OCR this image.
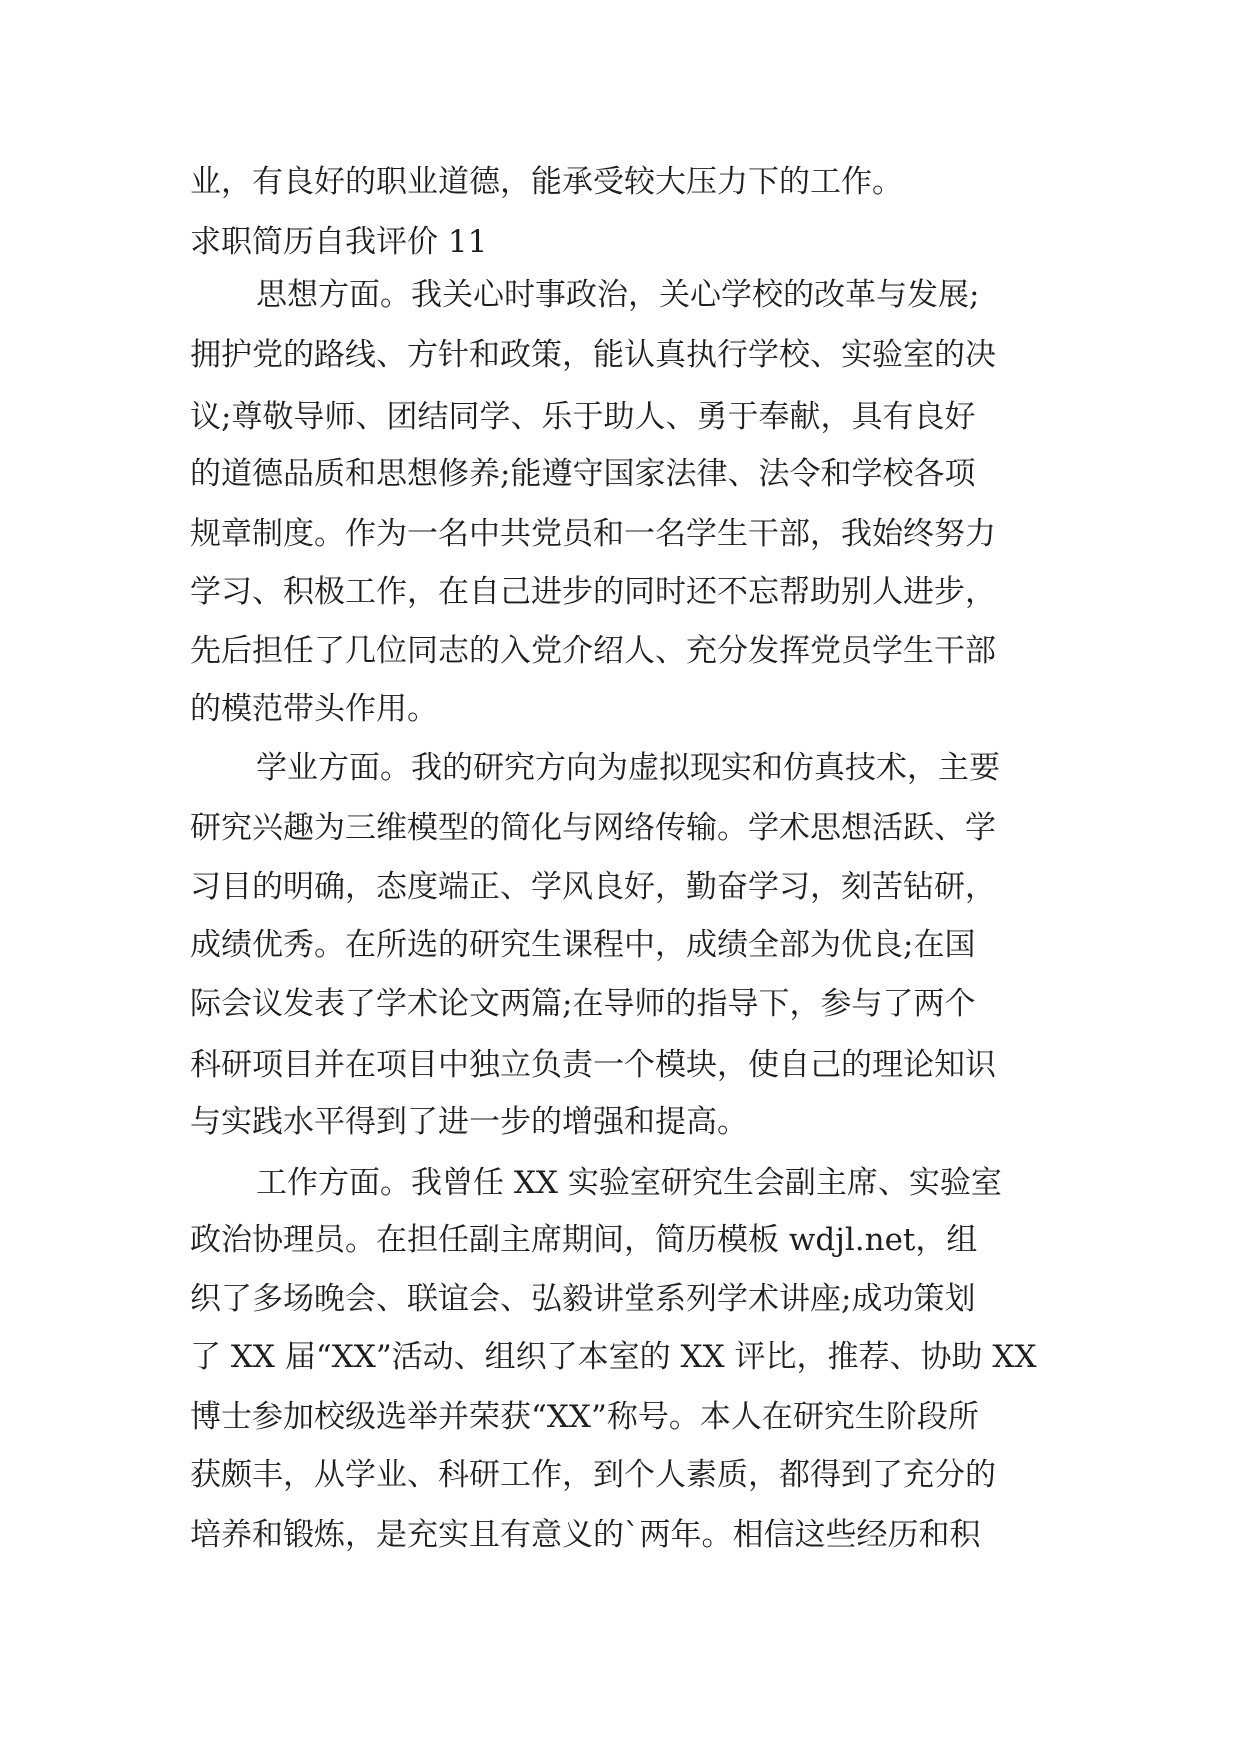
业，有良好的职业道德，能承受较大压力下的工作。
求职简历自我评价 11
思想方面。我关心时事政治，关心学校的改革与发展;
拥护党的路线、方针和政策，能认真执行学校、实验室的决
议;尊敬导师、团结同学、乐于助人、勇于奉献，具有良好
的道德品质和思想修养;能遵守国家法律、法令和学校各项
规章制度。作为一名中共党员和一名学生干部，我始终努力
学习、积极工作，在自己进步的同时还不忘帮助别人进步，
先后担任了几位同志的入党介绍人、充分发挥党员学生干部
的模范带头作用。
学业方面。我的研究方向为虚拟现实和仿真技术，主要
研究兴趣为三维模型的简化与网络传输。学术思想活跃、学
习目的明确，态度端正、学风良好，勤奋学习，刻苦钻研，
成绩优秀。在所选的研究生课程中，成绩全部为优良;在国
际会议发表了学术论文两篇;在导师的指导下，参与了两个
科研项目并在项目中独立负责一个模块，使自己的理论知识
与实践水平得到了进一步的增强和提高。
工作方面。我曾任 XX 实验室研究生会副主席、实验室
政治协理员。在担任副主席期间，简历模板 wdjl.net，组
织了多场晚会、联谊会、弘毅讲堂系列学术讲座;成功策划
了 XX 届“XX”活动、组织了本室的 XX 评比，推荐、协助 XX
博士参加校级选举并荣获“XX”称号。本人在研究生阶段所
获颇丰，从学业、科研工作，到个人素质，都得到了充分的
培养和锻炼，是充实且有意义的`两年。相信这些经历和积
